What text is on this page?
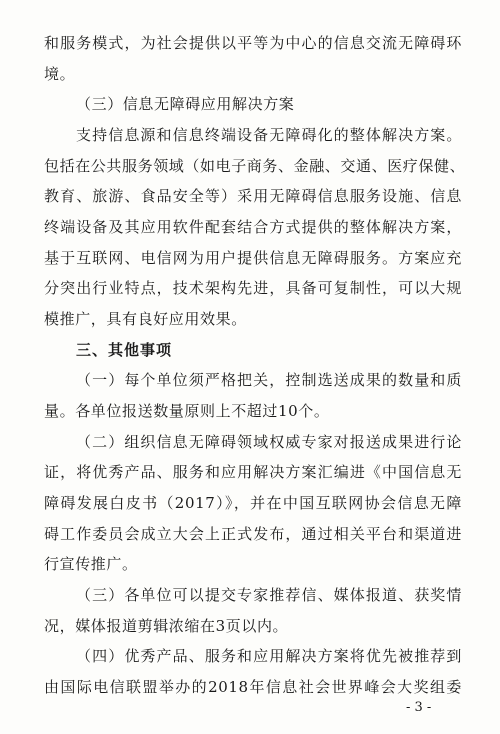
和服务模式，为社会提供以平等为中心的信息交流无障碍环
境。
（三）信息无障碍应用解决方案
支持信息源和信息终端设备无障碍化的整体解决方案。
包括在公共服务领域（如电子商务、金融、交通、医疗保健、
教育、旅游、食品安全等）采用无障碍信息服务设施、信息
终端设备及其应用软件配套结合方式提供的整体解决方案，
基于互联网、电信网为用户提供信息无障碍服务。方案应充
分突出行业特点，技术架构先进，具备可复制性，可以大规
模推广，具有良好应用效果。
三、其他事项
（一）每个单位须严格把关，控制选送成果的数量和质
量。各单位报送数量原则上不超过10个。
（二）组织信息无障碍领域权威专家对报送成果进行论
证，将优秀产品、服务和应用解决方案汇编进《中国信息无
障碍发展白皮书（2017）》，并在中国互联网协会信息无障
碍工作委员会成立大会上正式发布，通过相关平台和渠道进
行宣传推广。
（三）各单位可以提交专家推荐信、媒体报道、获奖情
况，媒体报道剪辑浓缩在3页以内。
（四）优秀产品、服务和应用解决方案将优先被推荐到
由国际电信联盟举办的2018年信息社会世界峰会大奖组委
- 3 -
